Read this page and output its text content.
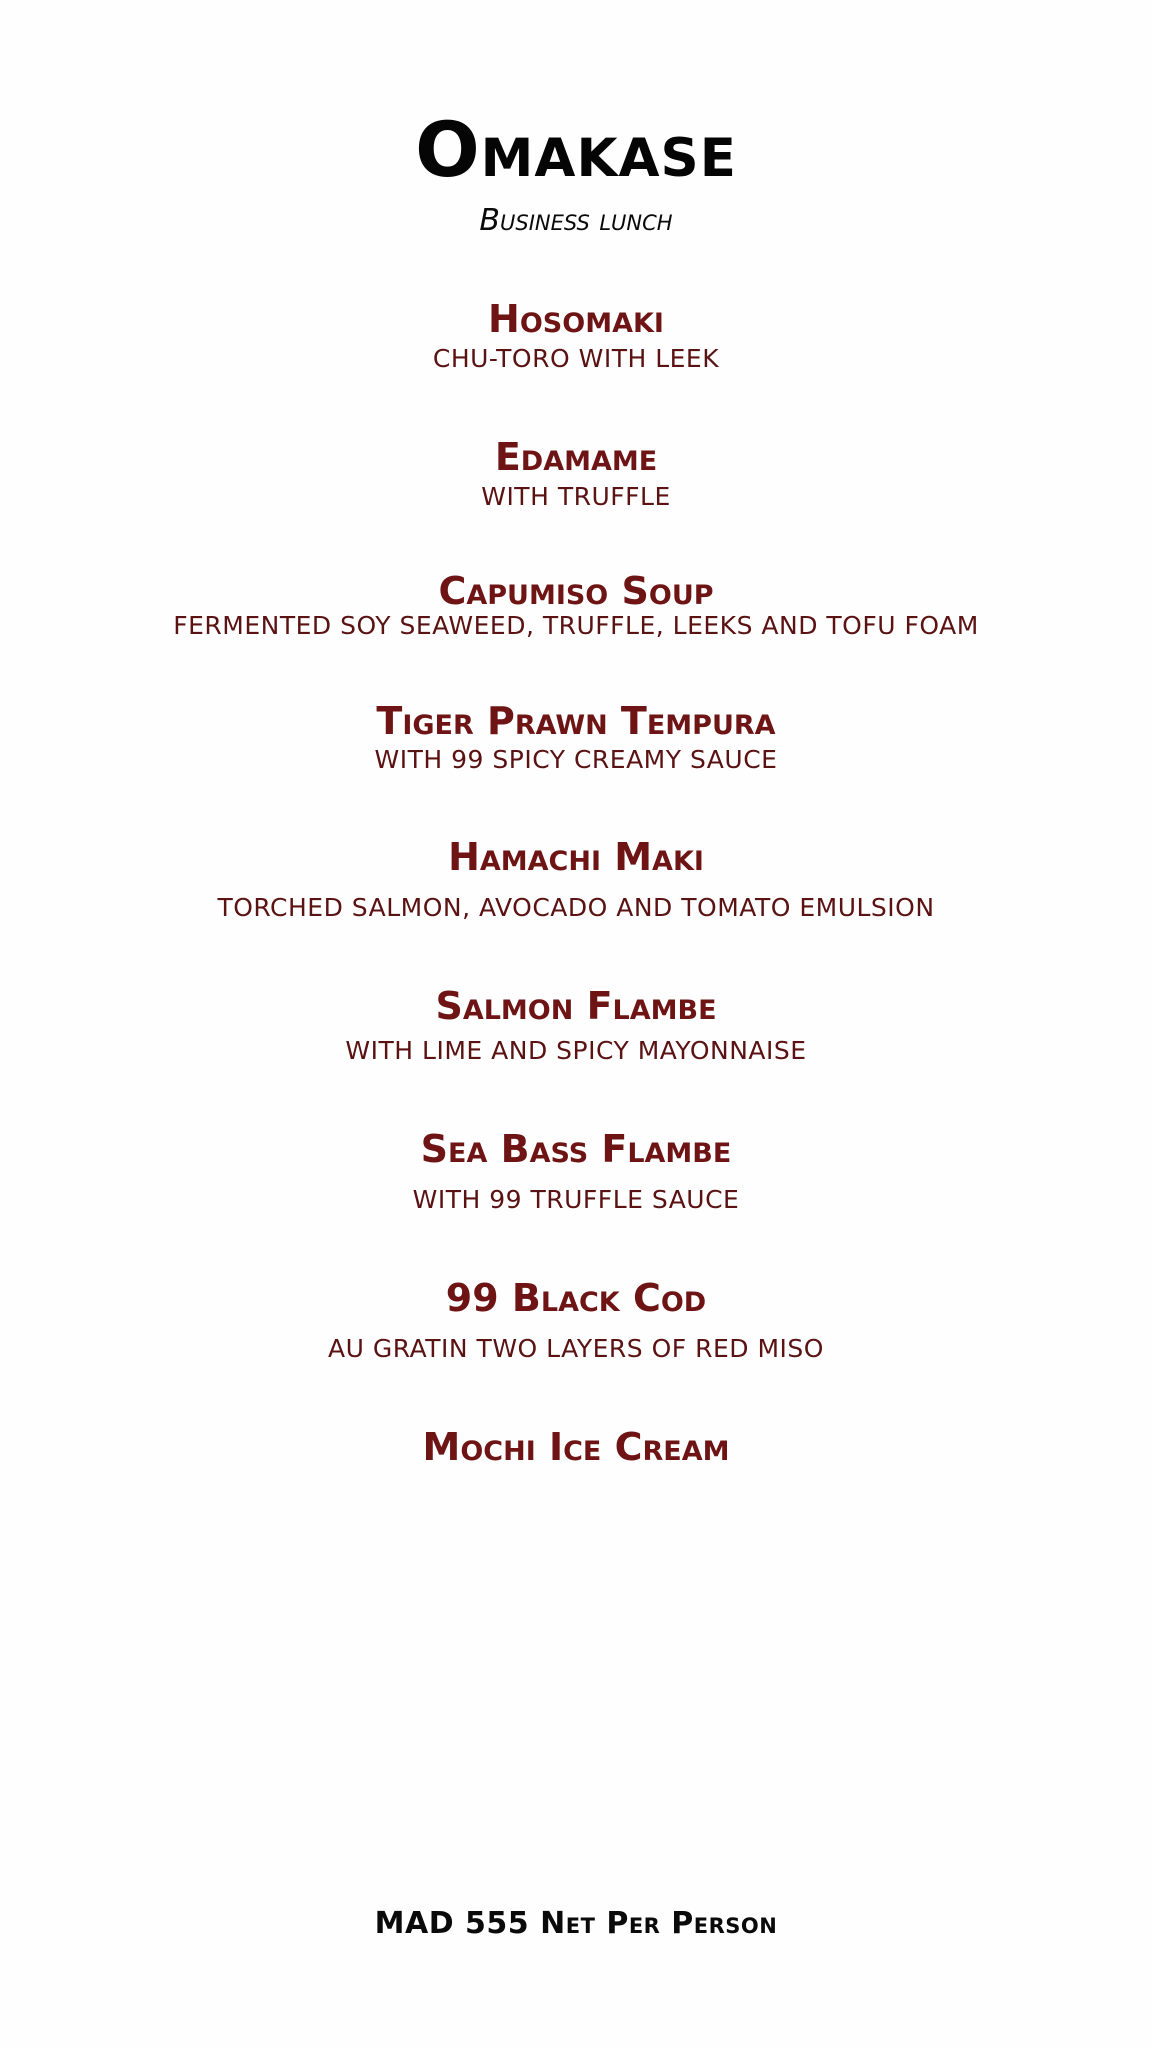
Omakase
Business lunch
Hosomaki
CHU-TORO WITH LEEK
Edamame
WITH TRUFFLE
Capumiso Soup
FERMENTED SOY SEAWEED, TRUFFLE, LEEKS AND TOFU FOAM
Tiger Prawn Tempura
WITH 99 SPICY CREAMY SAUCE
Hamachi Maki
TORCHED SALMON, AVOCADO AND TOMATO EMULSION
Salmon Flambe
WITH LIME AND SPICY MAYONNAISE
Sea Bass Flambe
WITH 99 TRUFFLE SAUCE
99 Black Cod
AU GRATIN TWO LAYERS OF RED MISO
Mochi Ice Cream
MAD 555 Net Per Person
